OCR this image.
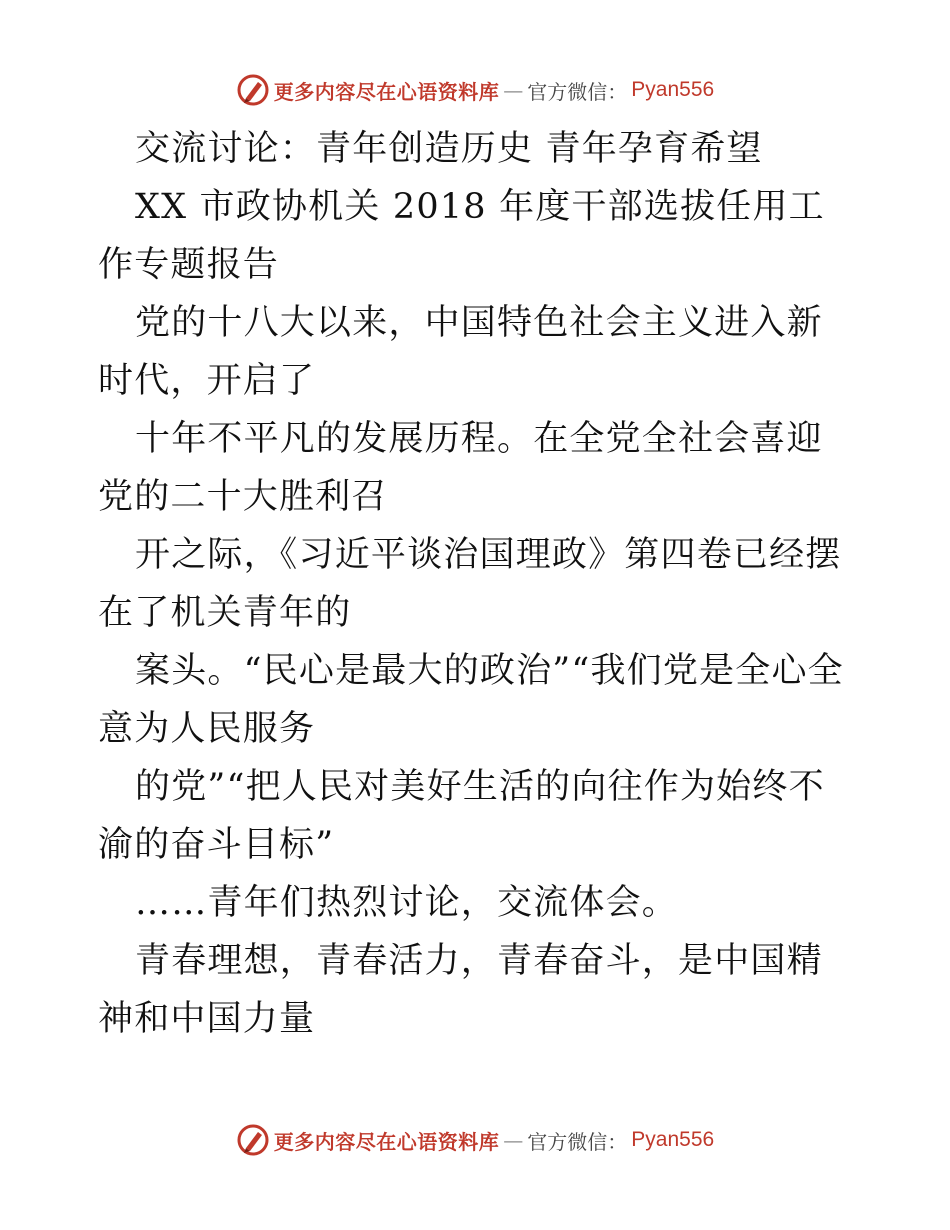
更多内容尽在心语资料库 — 官方微信： Pyan556

交流讨论：青年创造历史 青年孕育希望

XX 市政协机关 2018 年度干部选拔任用工作专题报告

党的十八大以来，中国特色社会主义进入新时代，开启了

十年不平凡的发展历程。在全党全社会喜迎党的二十大胜利召

开之际，《习近平谈治国理政》第四卷已经摆在了机关青年的

案头。“民心是最大的政治”“我们党是全心全意为人民服务

的党”“把人民对美好生活的向往作为始终不渝的奋斗目标”

……青年们热烈讨论，交流体会。

青春理想，青春活力，青春奋斗，是中国精神和中国力量

更多内容尽在心语资料库 — 官方微信： Pyan556
